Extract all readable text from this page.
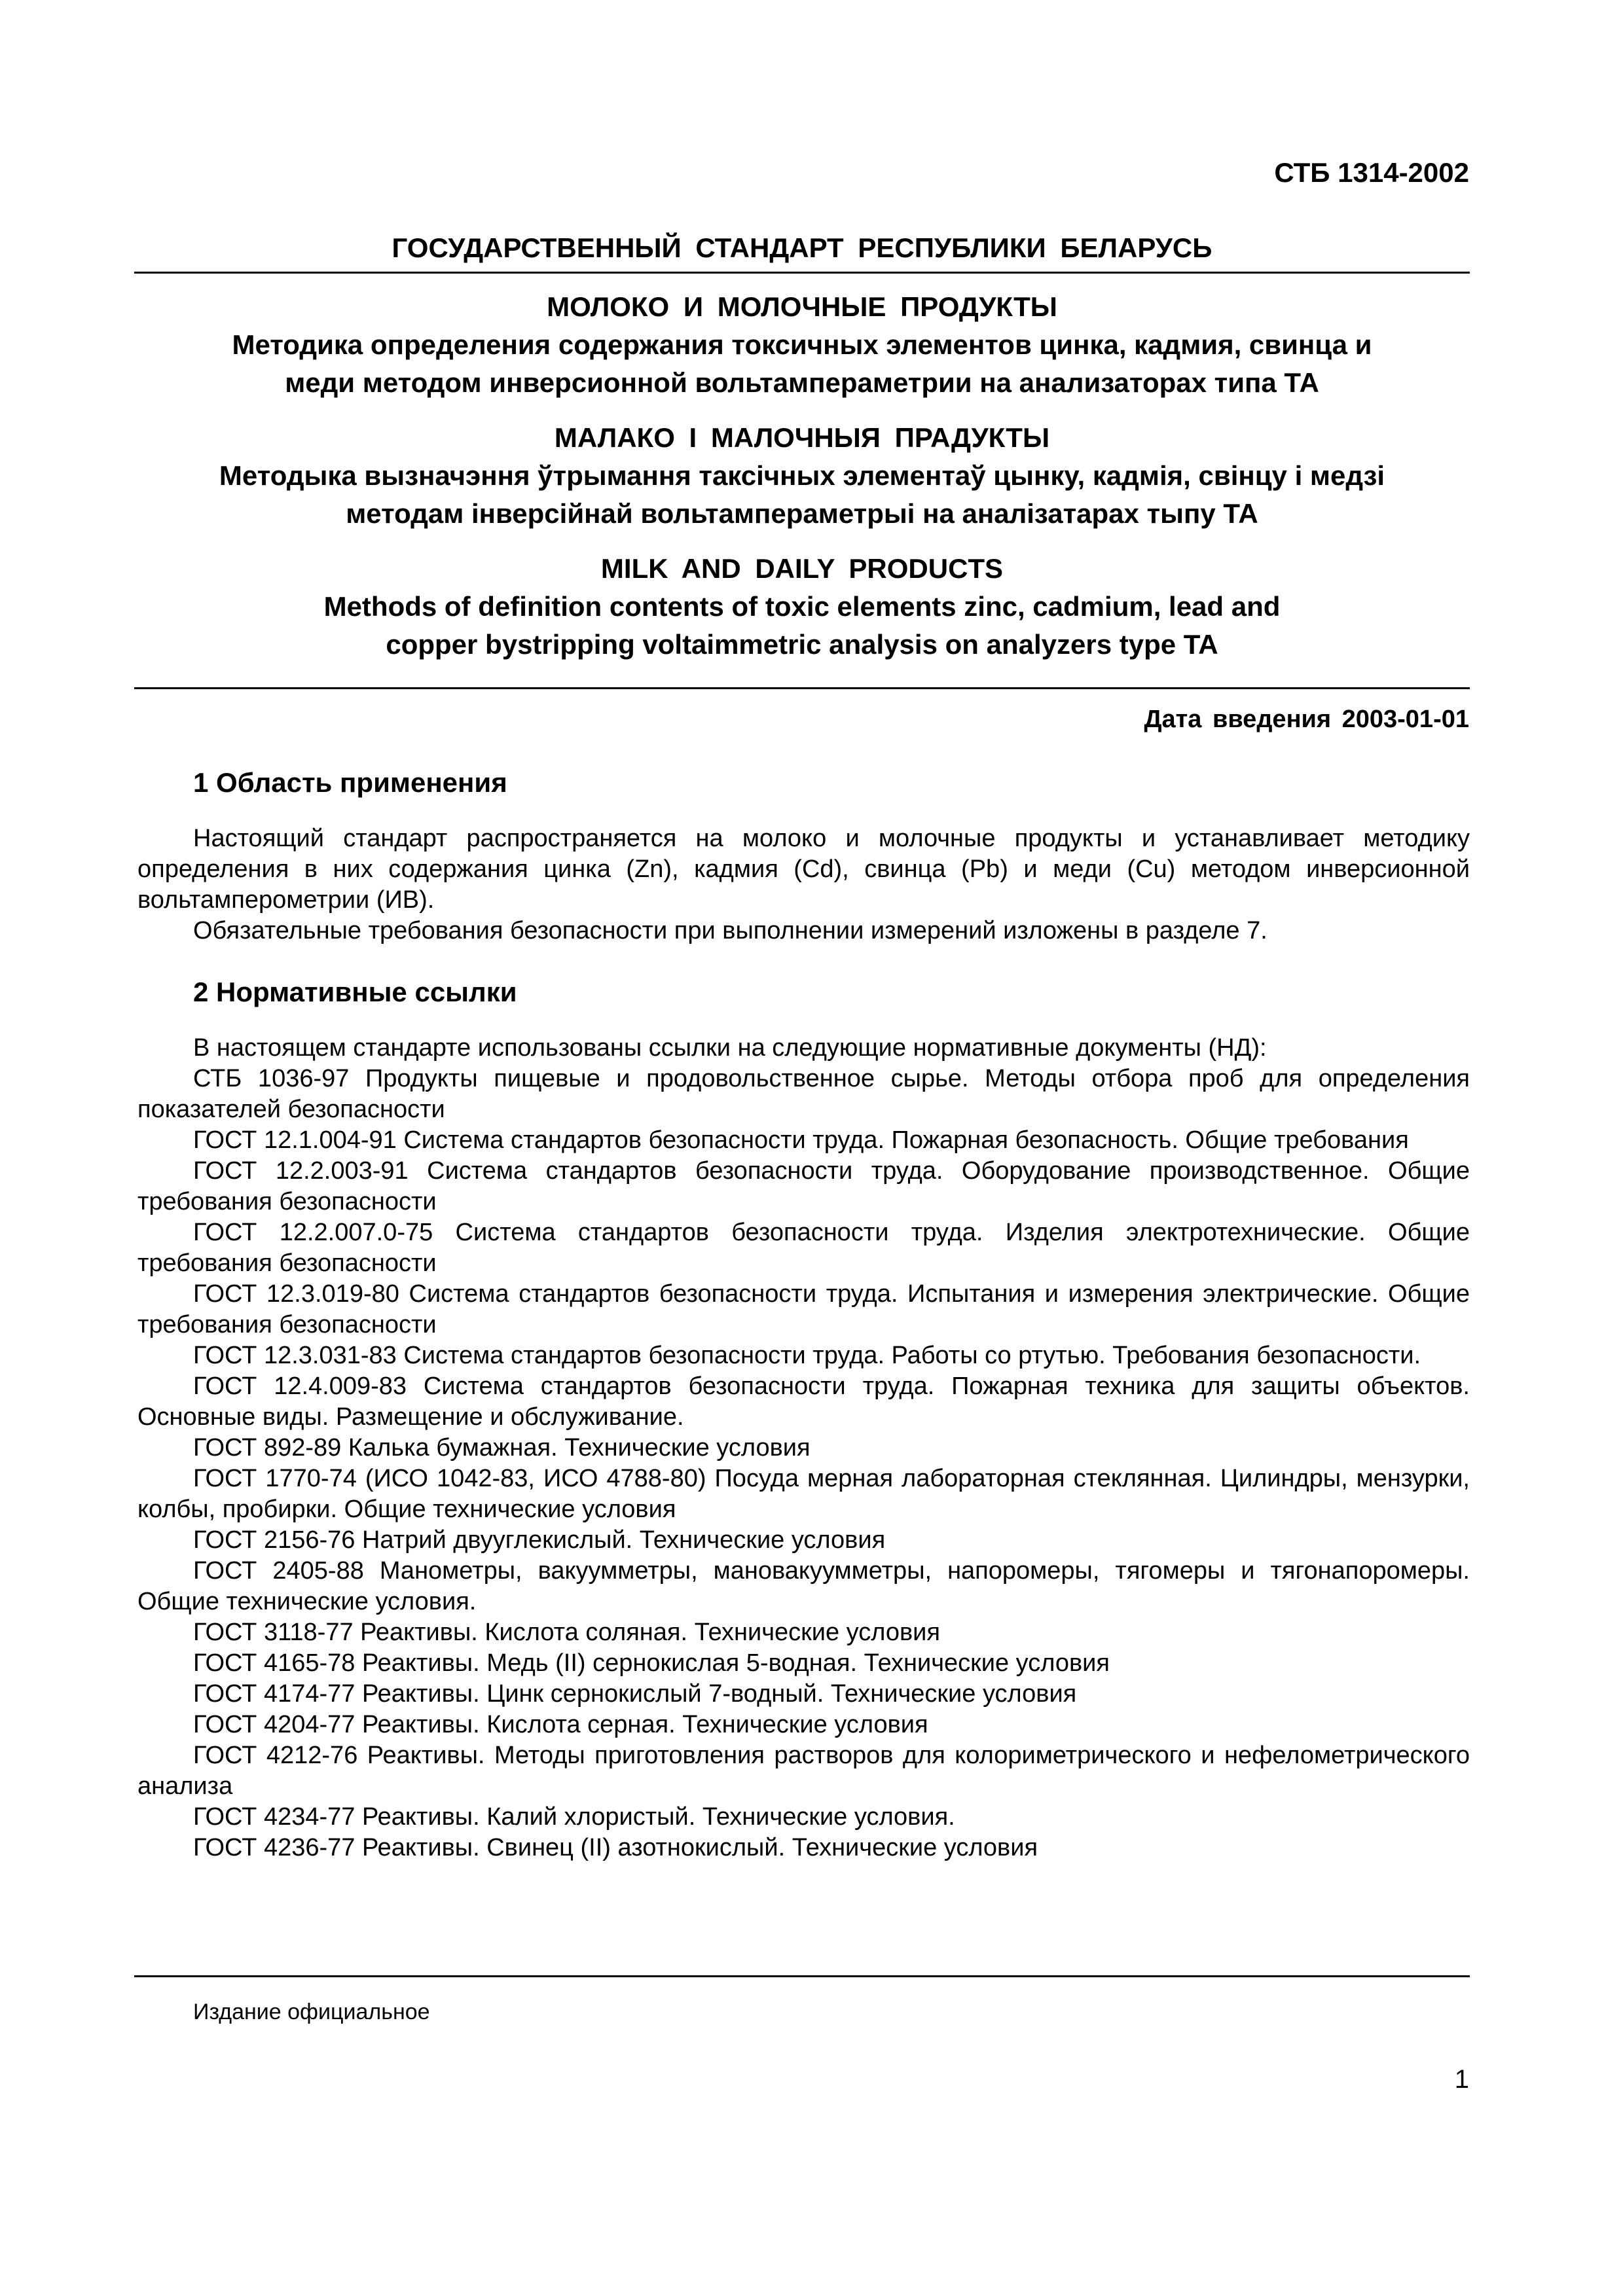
СТБ 1314-2002
ГОСУДАРСТВЕННЫЙ СТАНДАРТ РЕСПУБЛИКИ БЕЛАРУСЬ
МОЛОКО И МОЛОЧНЫЕ ПРОДУКТЫ
Методика определения содержания токсичных элементов цинка, кадмия, свинца и
меди методом инверсионной вольтампераметрии на анализаторах типа ТА
МАЛАКО І МАЛОЧНЫЯ ПРАДУКТЫ
Методыка вызначэння ўтрымання таксічных элементаў цынку, кадмія, свінцу і медзі
методам інверсійнай вольтампераметрыі на аналізатарах тыпу ТА
MILK AND DAILY PRODUCTS
Methods of definition contents of toxic elements zinc, cadmium, lead and
copper bystripping voltaimmetric analysis on analyzers type TA
Дата введения 2003-01-01
1 Область применения

Настоящий стандарт распространяется на молоко и молочные продукты и устанавливает методику определения в них содержания цинка (Zn), кадмия (Cd), свинца (Pb) и меди (Cu) методом инверсионной вольтамперометрии (ИВ).

Обязательные требования безопасности при выполнении измерений изложены в разделе 7.

2 Нормативные ссылки

В настоящем стандарте использованы ссылки на следующие нормативные документы (НД):

СТБ 1036-97 Продукты пищевые и продовольственное сырье. Методы отбора проб для определения показателей безопасности

ГОСТ 12.1.004-91 Система стандартов безопасности труда. Пожарная безопасность. Общие требования

ГОСТ 12.2.003-91 Система стандартов безопасности труда. Оборудование производственное. Общие требования безопасности

ГОСТ 12.2.007.0-75 Система стандартов безопасности труда. Изделия электротехнические. Общие требования безопасности

ГОСТ 12.3.019-80 Система стандартов безопасности труда. Испытания и измерения электрические. Общие требования безопасности

ГОСТ 12.3.031-83 Система стандартов безопасности труда. Работы со ртутью. Требования безопасности.

ГОСТ 12.4.009-83 Система стандартов безопасности труда. Пожарная техника для защиты объектов. Основные виды. Размещение и обслуживание.

ГОСТ 892-89 Калька бумажная. Технические условия

ГОСТ 1770-74 (ИСО 1042-83, ИСО 4788-80) Посуда мерная лабораторная стеклянная. Цилиндры, мензурки, колбы, пробирки. Общие технические условия

ГОСТ 2156-76 Натрий двууглекислый. Технические условия

ГОСТ 2405-88 Манометры, вакуумметры, мановакуумметры, напоромеры, тягомеры и тягонапоромеры. Общие технические условия.

ГОСТ 3118-77 Реактивы. Кислота соляная. Технические условия

ГОСТ 4165-78 Реактивы. Медь (II) сернокислая 5-водная. Технические условия

ГОСТ 4174-77 Реактивы. Цинк сернокислый 7-водный. Технические условия

ГОСТ 4204-77 Реактивы. Кислота серная. Технические условия

ГОСТ 4212-76 Реактивы. Методы приготовления растворов для колориметрического и нефелометрического анализа

ГОСТ 4234-77 Реактивы. Калий хлористый. Технические условия.

ГОСТ 4236-77 Реактивы. Свинец (II) азотнокислый. Технические условия

Издание официальное
1
